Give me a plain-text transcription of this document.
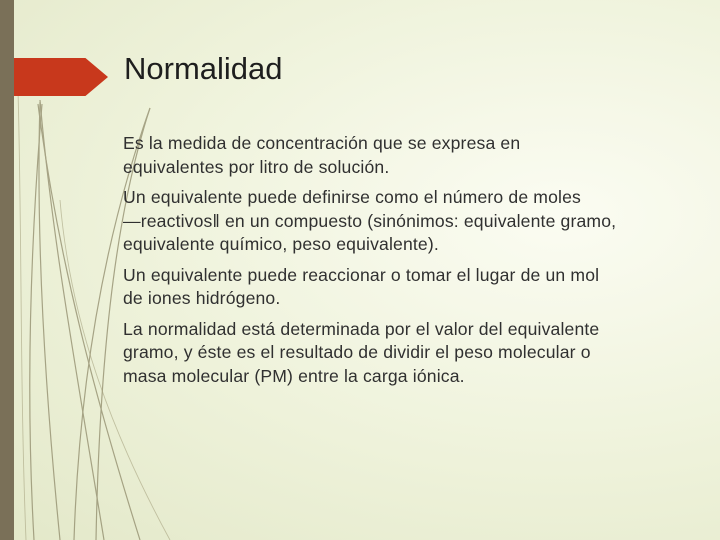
Normalidad
Es la medida de concentración que se expresa en
equivalentes por litro de solución.
Un equivalente puede definirse como el número de moles
―reactivosǁ en un compuesto (sinónimos: equivalente gramo,
equivalente químico, peso equivalente).
Un equivalente puede reaccionar o tomar el lugar de un mol
de iones hidrógeno.
La normalidad está determinada por el valor del equivalente
gramo, y éste es el resultado de dividir el peso molecular o
masa molecular (PM) entre la carga iónica.
